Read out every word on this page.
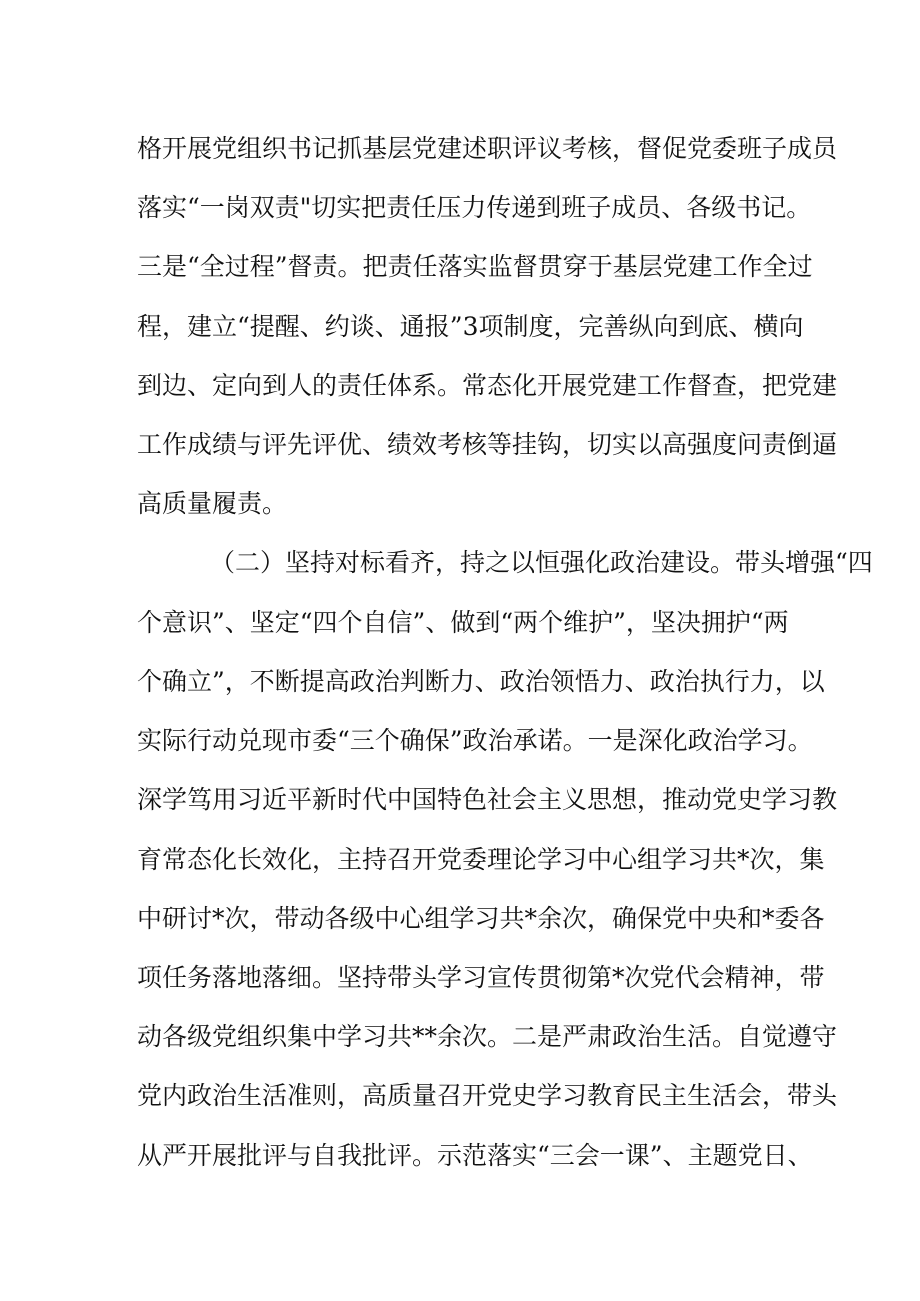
格开展党组织书记抓基层党建述职评议考核，督促党委班子成员
落实“一岗双责"切实把责任压力传递到班子成员、各级书记。
三是“全过程”督责。把责任落实监督贯穿于基层党建工作全过
程，建立“提醒、约谈、通报”3项制度，完善纵向到底、横向
到边、定向到人的责任体系。常态化开展党建工作督查，把党建
工作成绩与评先评优、绩效考核等挂钩，切实以高强度问责倒逼
高质量履责。
（二）坚持对标看齐，持之以恒强化政治建设。带头增强“四
个意识”、坚定“四个自信”、做到“两个维护”，坚决拥护“两
个确立”，不断提高政治判断力、政治领悟力、政治执行力，以
实际行动兑现市委“三个确保”政治承诺。一是深化政治学习。
深学笃用习近平新时代中国特色社会主义思想，推动党史学习教
育常态化长效化，主持召开党委理论学习中心组学习共*次，集
中研讨*次，带动各级中心组学习共*余次，确保党中央和*委各
项任务落地落细。坚持带头学习宣传贯彻第*次党代会精神，带
动各级党组织集中学习共**余次。二是严肃政治生活。自觉遵守
党内政治生活准则，高质量召开党史学习教育民主生活会，带头
从严开展批评与自我批评。示范落实“三会一课”、主题党日、
